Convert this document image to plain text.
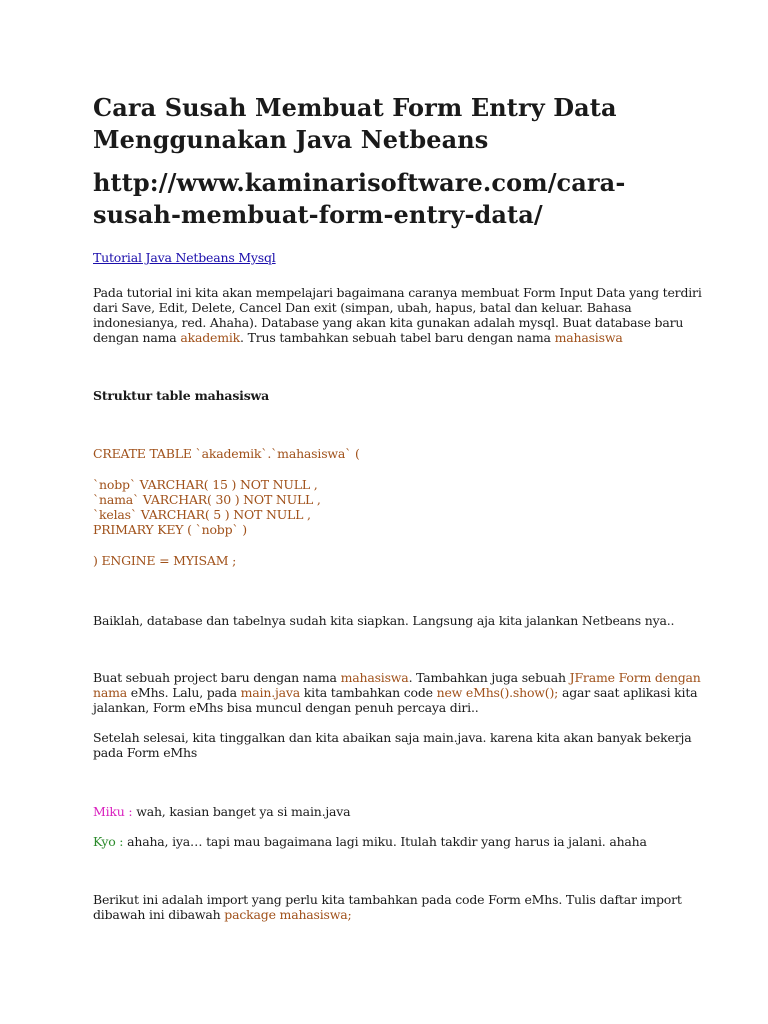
Cara Susah Membuat Form Entry Data Menggunakan Java Netbeans
http://www.kaminarisoftware.com/cara-susah-membuat-form-entry-data/

Tutorial Java Netbeans Mysql

Pada tutorial ini kita akan mempelajari bagaimana caranya membuat Form Input Data yang terdiri dari Save, Edit, Delete, Cancel Dan exit (simpan, ubah, hapus, batal dan keluar. Bahasa indonesianya, red. Ahaha). Database yang akan kita gunakan adalah mysql. Buat database baru dengan nama akademik. Trus tambahkan sebuah tabel baru dengan nama mahasiswa

Struktur table mahasiswa

CREATE TABLE `akademik`.`mahasiswa` (

`nobp` VARCHAR( 15 ) NOT NULL ,

`nama` VARCHAR( 30 ) NOT NULL ,

`kelas` VARCHAR( 5 ) NOT NULL ,

PRIMARY KEY ( `nobp` )

) ENGINE = MYISAM ;

Baiklah, database dan tabelnya sudah kita siapkan. Langsung aja kita jalankan Netbeans nya..

Buat sebuah project baru dengan nama mahasiswa. Tambahkan juga sebuah JFrame Form dengan nama eMhs. Lalu, pada main.java kita tambahkan code new eMhs().show(); agar saat aplikasi kita jalankan, Form eMhs bisa muncul dengan penuh percaya diri..

Setelah selesai, kita tinggalkan dan kita abaikan saja main.java. karena kita akan banyak bekerja pada Form eMhs

Miku : wah, kasian banget ya si main.java

Kyo : ahaha, iya… tapi mau bagaimana lagi miku. Itulah takdir yang harus ia jalani. ahaha

Berikut ini adalah import yang perlu kita tambahkan pada code Form eMhs. Tulis daftar import dibawah ini dibawah package mahasiswa;
